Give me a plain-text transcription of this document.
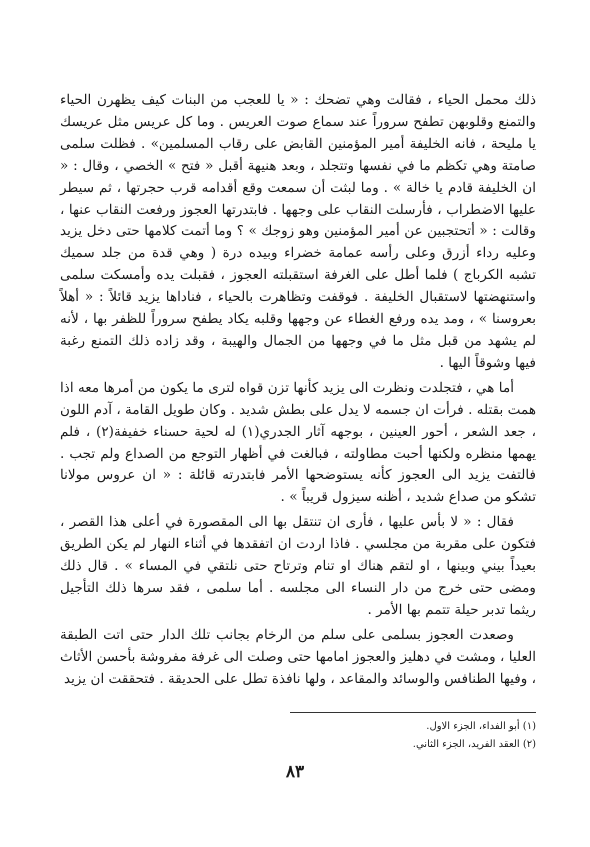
ذلك محمل الحياء ، فقالت وهي تضحك : « يا للعجب من البنات كيف يظهرن الحياء والتمنع وقلوبهن تطفح سروراً عند سماع صوت العريس . وما كل عريس مثل عريسك يا مليحة ، فانه الخليفة أمير المؤمنين القابض على رقاب المسلمين» . فظلت سلمى صامتة وهي تكظم ما في نفسها وتتجلد ، وبعد هنيهة أقبل « فتح » الخصي ، وقال : « ان الخليفة قادم يا خالة » . وما لبثت أن سمعت وقع أقدامه قرب حجرتها ، ثم سيطر عليها الاضطراب ، فأرسلت النقاب على وجهها . فابتدرتها العجوز ورفعت النقاب عنها ، وقالت : « أتحتجبين عن أمير المؤمنين وهو زوجك » ؟ وما أتمت كلامها حتى دخل يزيد وعليه رداء أزرق وعلى رأسه عمامة خضراء وبيده درة ( وهي قدة من جلد سميك تشبه الكرباج ) فلما أطل على الغرفة استقبلته العجوز ، فقبلت يده وأمسكت سلمى واستنهضتها لاستقبال الخليفة . فوقفت وتظاهرت بالحياء ، فناداها يزيد قائلاً : « أهلاً بعروسنا » ، ومد يده ورفع الغطاء عن وجهها وقلبه يكاد يطفح سروراً للظفر بها ، لأنه لم يشهد من قبل مثل ما في وجهها من الجمال والهيبة ، وقد زاده ذلك التمنع رغبة فيها وشوقاً اليها .

أما هي ، فتجلدت ونظرت الى يزيد كأنها تزن قواه لترى ما يكون من أمرها معه اذا همت بقتله . فرأت ان جسمه لا يدل على بطش شديد . وكان طويل القامة ، آدم اللون ، جعد الشعر ، أحور العينين ، بوجهه آثار الجدري(١) له لحية حسناء خفيفة(٢) ، فلم يهمها منظره ولكنها أحبت مطاولته ، فبالغت في أظهار التوجع من الصداع ولم تجب . فالتفت يزيد الى العجوز كأنه يستوضحها الأمر فابتدرته قائلة : « ان عروس مولانا تشكو من صداع شديد ، أظنه سيزول قريباً » .

فقال : « لا بأس عليها ، فأرى ان تنتقل بها الى المقصورة في أعلى هذا القصر ، فتكون على مقربة من مجلسي . فاذا اردت ان اتفقدها في أثناء النهار لم يكن الطريق بعيداً بيني وبينها ، او لتقم هناك او تنام وترتاح حتى نلتقي في المساء » . قال ذلك ومضى حتى خرج من دار النساء الى مجلسه . أما سلمى ، فقد سرها ذلك التأجيل ريثما تدبر حيلة تتمم بها الأمر .

وصعدت العجوز بسلمى على سلم من الرخام بجانب تلك الدار حتى اتت الطبقة العليا ، ومشت في دهليز والعجوز امامها حتى وصلت الى غرفة مفروشة بأحسن الأثاث ، وفيها الطنافس والوسائد والمقاعد ، ولها نافذة تطل على الحديقة . فتحققت ان يزيد

(١) أبو الفداء، الجزء الاول.
(٢) العقد الفريد، الجزء الثاني.
٨٣
